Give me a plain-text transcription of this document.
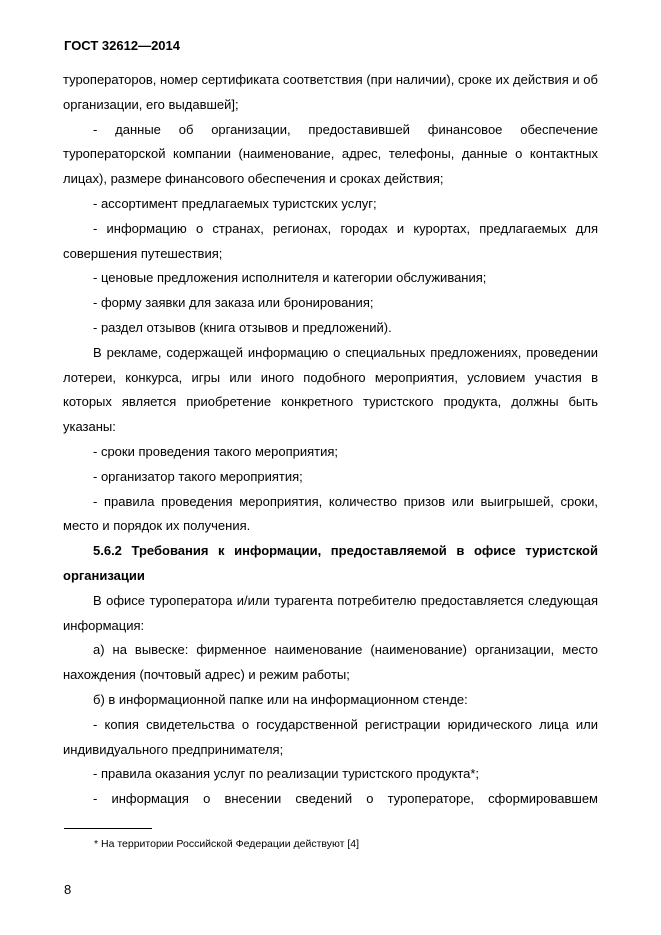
ГОСТ 32612—2014

туроператоров, номер сертификата соответствия (при наличии), сроке их действия и об организации, его выдавшей];

- данные об организации, предоставившей финансовое обеспечение туроператорской компании (наименование, адрес, телефоны, данные о контактных лицах), размере финансового обеспечения и сроках действия;

- ассортимент предлагаемых туристских услуг;

- информацию о странах, регионах, городах и курортах, предлагаемых для совершения путешествия;

- ценовые предложения исполнителя и категории обслуживания;

- форму заявки для заказа или бронирования;

- раздел отзывов (книга отзывов и предложений).

В рекламе, содержащей информацию о специальных предложениях, проведении лотереи, конкурса, игры или иного подобного мероприятия, условием участия в которых является приобретение конкретного туристского продукта, должны быть указаны:

- сроки проведения такого мероприятия;

- организатор такого мероприятия;

- правила проведения мероприятия, количество призов или выигрышей, сроки, место и порядок их получения.

5.6.2 Требования к информации, предоставляемой в офисе туристской организации

В офисе туроператора и/или турагента потребителю предоставляется следующая информация:

а) на вывеске: фирменное наименование (наименование) организации, место нахождения (почтовый адрес) и режим работы;

б) в информационной папке или на информационном стенде:

- копия свидетельства о государственной регистрации юридического лица или индивидуального предпринимателя;

- правила оказания услуг по реализации туристского продукта*;

- информация о внесении сведений о туроператоре, сформировавшем

* На территории Российской Федерации действуют [4]
8
